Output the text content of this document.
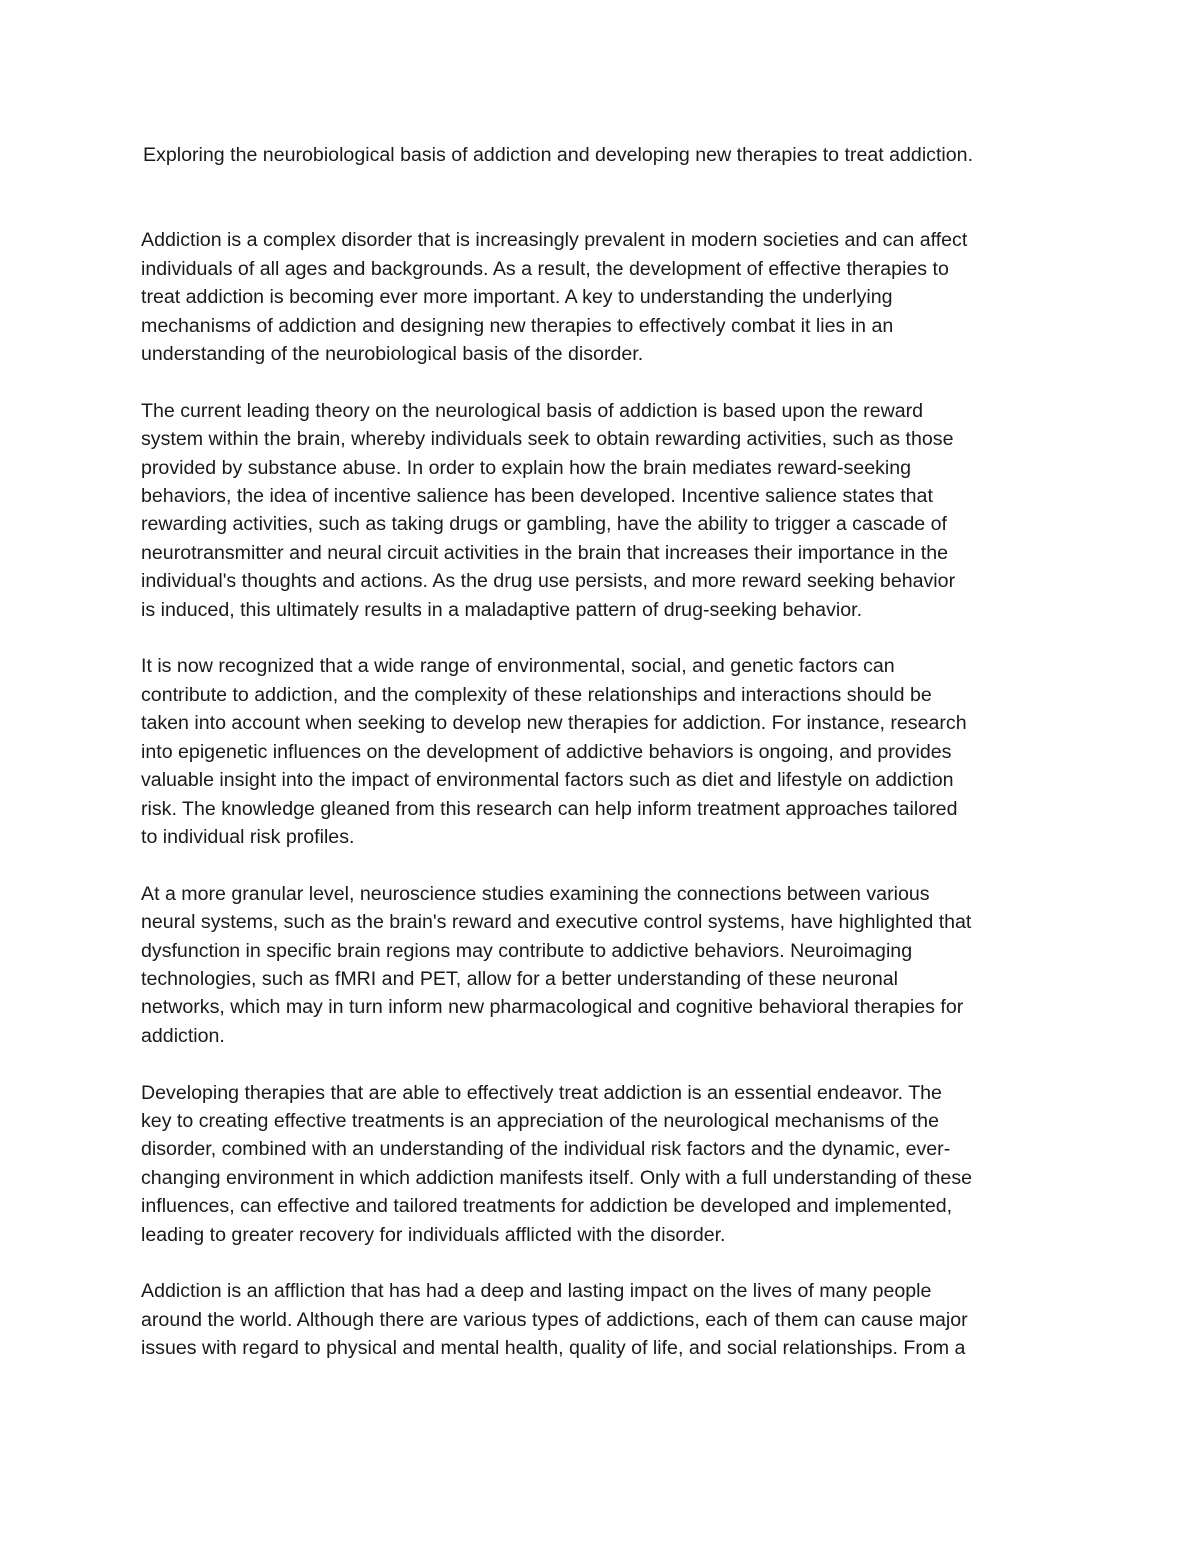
Exploring the neurobiological basis of addiction and developing new therapies to treat addiction.
Addiction is a complex disorder that is increasingly prevalent in modern societies and can affect
individuals of all ages and backgrounds. As a result, the development of effective therapies to
treat addiction is becoming ever more important. A key to understanding the underlying
mechanisms of addiction and designing new therapies to effectively combat it lies in an
understanding of the neurobiological basis of the disorder.
The current leading theory on the neurological basis of addiction is based upon the reward
system within the brain, whereby individuals seek to obtain rewarding activities, such as those
provided by substance abuse. In order to explain how the brain mediates reward-seeking
behaviors, the idea of incentive salience has been developed. Incentive salience states that
rewarding activities, such as taking drugs or gambling, have the ability to trigger a cascade of
neurotransmitter and neural circuit activities in the brain that increases their importance in the
individual's thoughts and actions. As the drug use persists, and more reward seeking behavior
is induced, this ultimately results in a maladaptive pattern of drug-seeking behavior.
It is now recognized that a wide range of environmental, social, and genetic factors can
contribute to addiction, and the complexity of these relationships and interactions should be
taken into account when seeking to develop new therapies for addiction. For instance, research
into epigenetic influences on the development of addictive behaviors is ongoing, and provides
valuable insight into the impact of environmental factors such as diet and lifestyle on addiction
risk. The knowledge gleaned from this research can help inform treatment approaches tailored
to individual risk profiles.
At a more granular level, neuroscience studies examining the connections between various
neural systems, such as the brain's reward and executive control systems, have highlighted that
dysfunction in specific brain regions may contribute to addictive behaviors. Neuroimaging
technologies, such as fMRI and PET, allow for a better understanding of these neuronal
networks, which may in turn inform new pharmacological and cognitive behavioral therapies for
addiction.
Developing therapies that are able to effectively treat addiction is an essential endeavor. The
key to creating effective treatments is an appreciation of the neurological mechanisms of the
disorder, combined with an understanding of the individual risk factors and the dynamic, ever-
changing environment in which addiction manifests itself. Only with a full understanding of these
influences, can effective and tailored treatments for addiction be developed and implemented,
leading to greater recovery for individuals afflicted with the disorder.
Addiction is an affliction that has had a deep and lasting impact on the lives of many people
around the world. Although there are various types of addictions, each of them can cause major
issues with regard to physical and mental health, quality of life, and social relationships. From a
